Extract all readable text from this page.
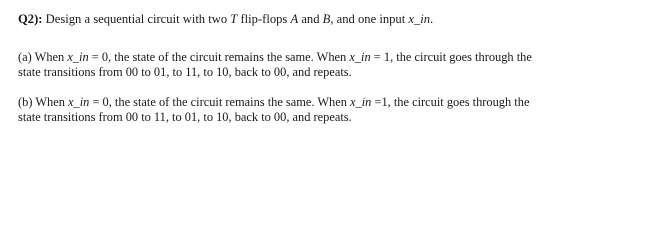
Q2): Design a sequential circuit with two T flip-flops A and B, and one input x_in.
(a) When x_in = 0, the state of the circuit remains the same. When x_in = 1, the circuit goes through the
state transitions from 00 to 01, to 11, to 10, back to 00, and repeats.
(b) When x_in = 0, the state of the circuit remains the same. When x_in =1, the circuit goes through the
state transitions from 00 to 11, to 01, to 10, back to 00, and repeats.
